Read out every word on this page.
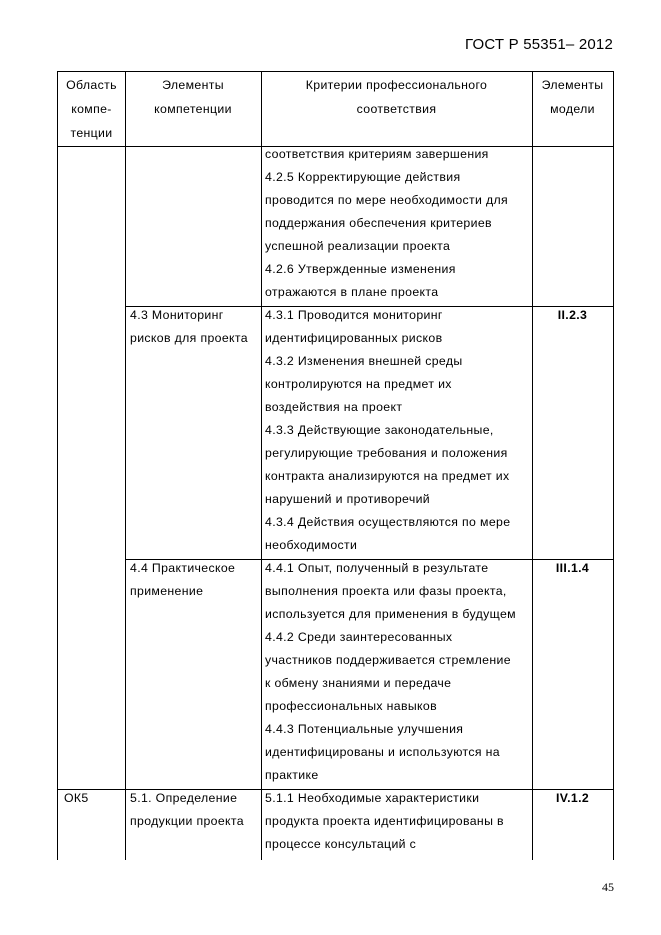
ГОСТ Р 55351– 2012
Область
компе-
тенции
Элементы
компетенции
Критерии профессионального
соответствия
Элементы
модели
соответствия критериям завершения
4.2.5 Корректирующие действия
проводится по мере необходимости для
поддержания обеспечения критериев
успешной реализации проекта
4.2.6 Утвержденные изменения
отражаются в плане проекта
4.3 Мониторинг
рисков для проекта
4.3.1 Проводится мониторинг
идентифицированных рисков
4.3.2 Изменения внешней среды
контролируются на предмет их
воздействия на проект
4.3.3 Действующие законодательные,
регулирующие требования и положения
контракта анализируются на предмет их
нарушений и противоречий
4.3.4 Действия осуществляются по мере
необходимости
II.2.3
4.4 Практическое
применение
4.4.1 Опыт, полученный в результате
выполнения проекта или фазы проекта,
используется для применения в будущем
4.4.2 Среди заинтересованных
участников поддерживается стремление
к обмену знаниями и передаче
профессиональных навыков
4.4.3 Потенциальные улучшения
идентифицированы и используются на
практике
III.1.4
ОК5	5.1. Определение
продукции проекта
5.1.1 Необходимые характеристики
продукта проекта идентифицированы в
процессе консультаций с
IV.1.2
45
